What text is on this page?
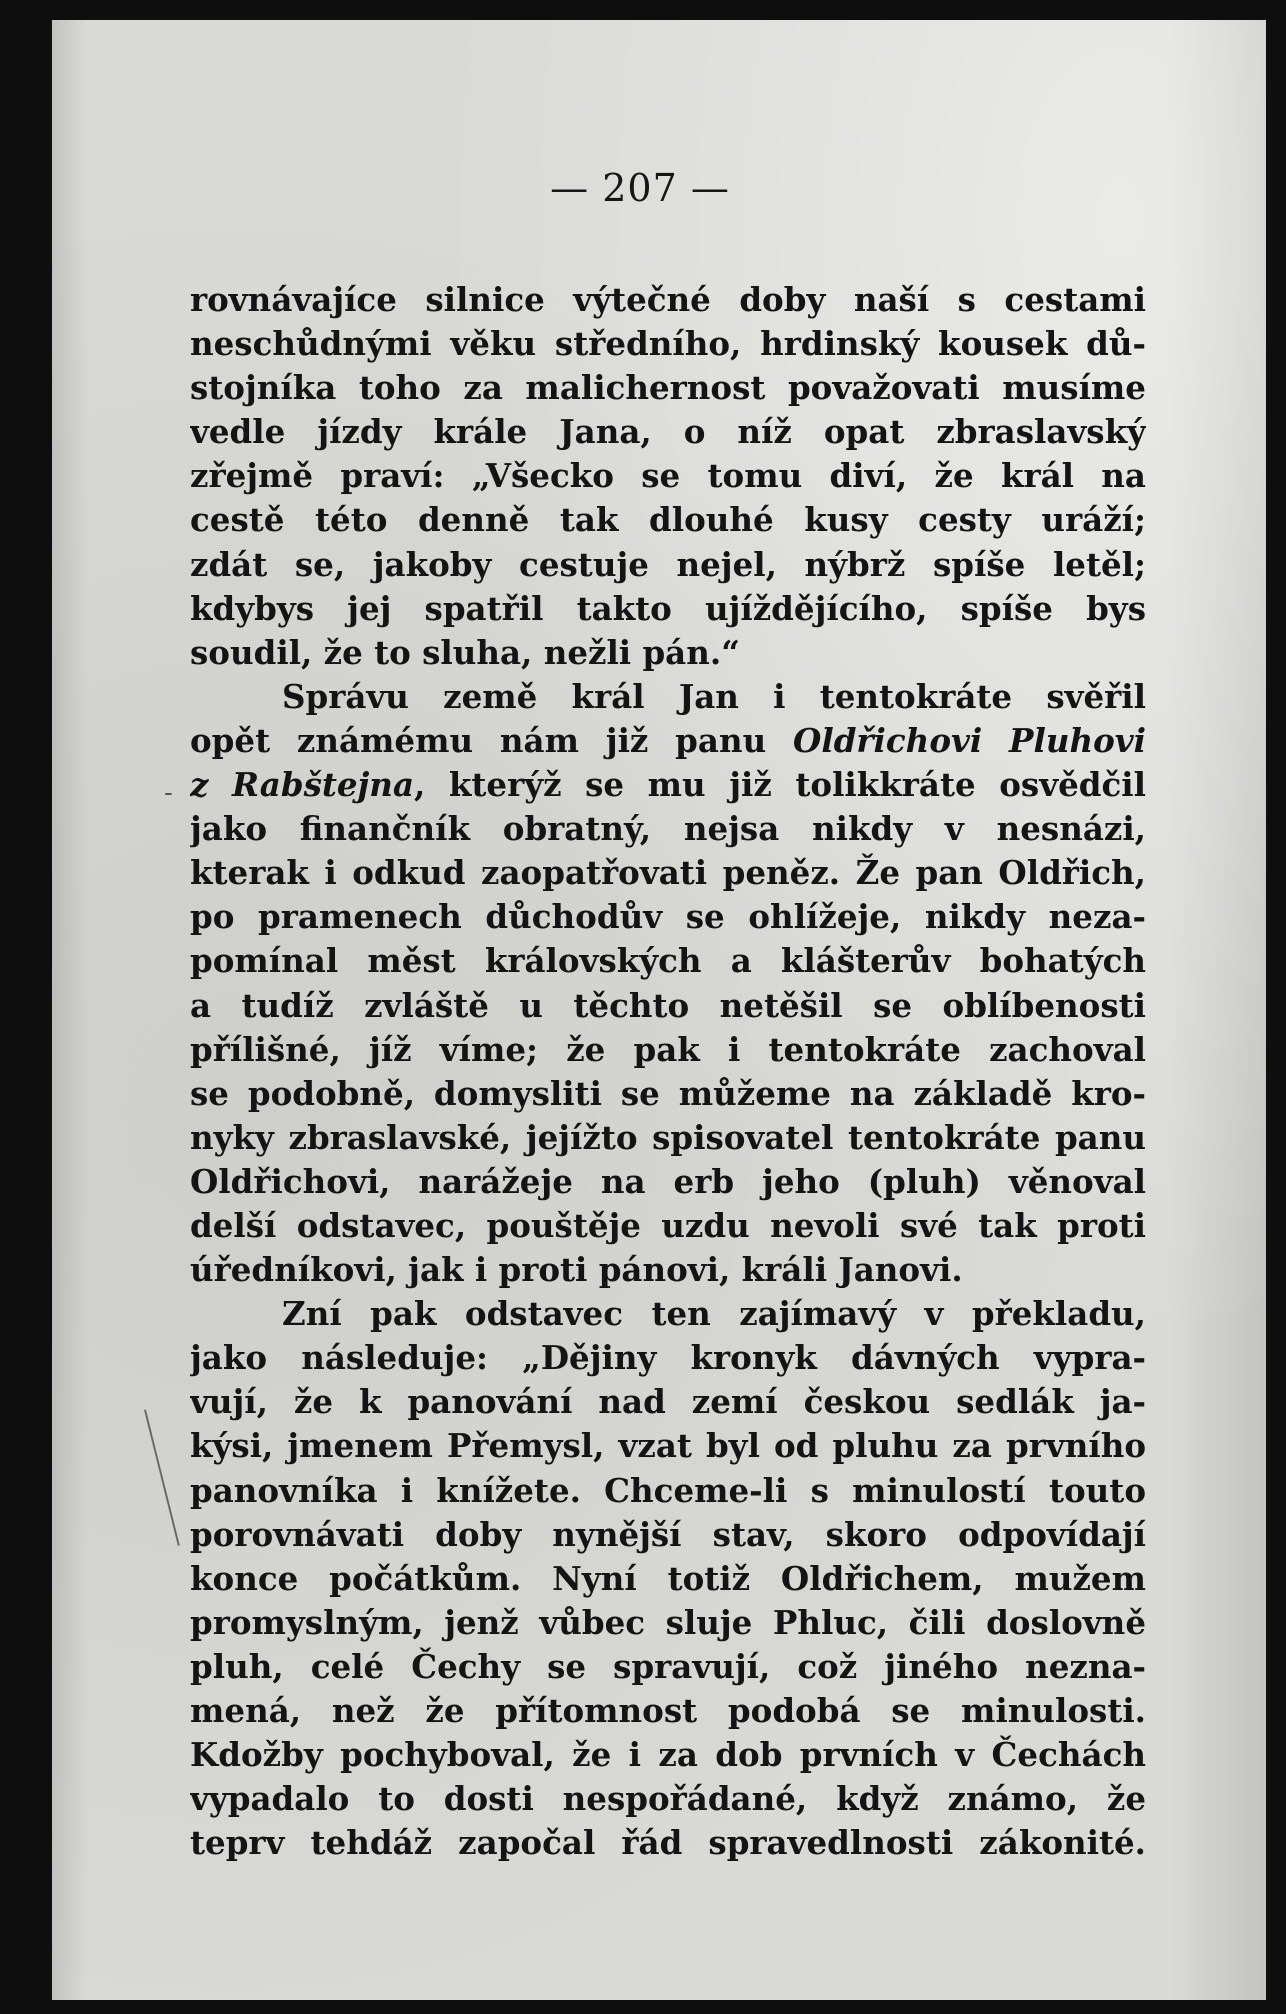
— 207 —
-
rovnávajíce silnice výtečné doby naší s cestami
neschůdnými věku středního, hrdinský kousek dů-
stojníka toho za malichernost považovati musíme
vedle jízdy krále Jana, o níž opat zbraslavský
zřejmě praví: „Všecko se tomu diví, že král na
cestě této denně tak dlouhé kusy cesty uráží;
zdát se, jakoby cestuje nejel, nýbrž spíše letěl;
kdybys jej spatřil takto ujíždějícího, spíše bys
soudil, že to sluha, nežli pán.“
Správu země král Jan i tentokráte svěřil
opět známému nám již panu Oldřichovi Pluhovi
z Rabštejna, kterýž se mu již tolikkráte osvědčil
jako finančník obratný, nejsa nikdy v nesnázi,
kterak i odkud zaopatřovati peněz. Že pan Oldřich,
po pramenech důchodův se ohlížeje, nikdy neza-
pomínal měst královských a klášterův bohatých
a tudíž zvláště u těchto netěšil se oblíbenosti
přílišné, jíž víme; že pak i tentokráte zachoval
se podobně, domysliti se můžeme na základě kro-
nyky zbraslavské, jejížto spisovatel tentokráte panu
Oldřichovi, narážeje na erb jeho (pluh) věnoval
delší odstavec, pouštěje uzdu nevoli své tak proti
úředníkovi, jak i proti pánovi, králi Janovi.
Zní pak odstavec ten zajímavý v překladu,
jako následuje: „Dějiny kronyk dávných vypra-
vují, že k panování nad zemí českou sedlák ja-
kýsi, jmenem Přemysl, vzat byl od pluhu za prvního
panovníka i knížete. Chceme-li s minulostí touto
porovnávati doby nynější stav, skoro odpovídají
konce počátkům. Nyní totiž Oldřichem, mužem
promyslným, jenž vůbec sluje Phluc, čili doslovně
pluh, celé Čechy se spravují, což jiného nezna-
mená, než že přítomnost podobá se minulosti.
Kdožby pochyboval, že i za dob prvních v Čechách
vypadalo to dosti nespořádané, když známo, že
teprv tehdáž započal řád spravedlnosti zákonité.
